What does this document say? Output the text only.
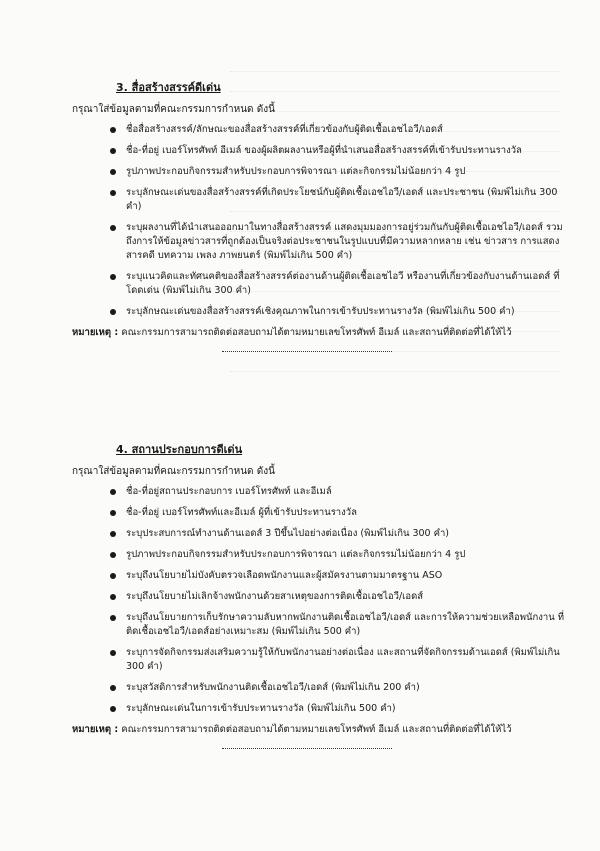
3. สื่อสร้างสรรค์ดีเด่น
กรุณาใส่ข้อมูลตามที่คณะกรรมการกำหนด ดังนี้
ชื่อสื่อสร้างสรรค์/ลักษณะของสื่อสร้างสรรค์ที่เกี่ยวข้องกับผู้ติดเชื้อเอชไอวี/เอดส์
ชื่อ-ที่อยู่ เบอร์โทรศัพท์ อีเมล์ ของผู้ผลิตผลงานหรือผู้ที่นำเสนอสื่อสร้างสรรค์ที่เข้ารับประทานรางวัล
รูปภาพประกอบกิจกรรมสำหรับประกอบการพิจารณา แต่ละกิจกรรมไม่น้อยกว่า 4 รูป
ระบุลักษณะเด่นของสื่อสร้างสรรค์ที่เกิดประโยชน์กับผู้ติดเชื้อเอชไอวี/เอดส์ และประชาชน (พิมพ์ไม่เกิน 300 คำ)
ระบุผลงานที่ได้นำเสนอออกมาในทางสื่อสร้างสรรค์ แสดงมุมมองการอยู่ร่วมกันกับผู้ติดเชื้อเอชไอวี/เอดส์ รวมถึงการให้ข้อมูลข่าวสารที่ถูกต้องเป็นจริงต่อประชาชนในรูปแบบที่มีความหลากหลาย เช่น ข่าวสาร การแสดง สารคดี บทความ เพลง ภาพยนตร์ (พิมพ์ไม่เกิน 500 คำ)
ระบุแนวคิดและทัศนคติของสื่อสร้างสรรค์ต่องานด้านผู้ติดเชื้อเอชไอวี หรืองานที่เกี่ยวข้องกับงานด้านเอดส์ ที่โดดเด่น (พิมพ์ไม่เกิน 300 คำ)
ระบุลักษณะเด่นของสื่อสร้างสรรค์เชิงคุณภาพในการเข้ารับประทานรางวัล (พิมพ์ไม่เกิน 500 คำ)
หมายเหตุ : คณะกรรมการสามารถติดต่อสอบถามได้ตามหมายเลขโทรศัพท์ อีเมล์ และสถานที่ติดต่อที่ได้ให้ไว้
4. สถานประกอบการดีเด่น
กรุณาใส่ข้อมูลตามที่คณะกรรมการกำหนด ดังนี้
ชื่อ-ที่อยู่สถานประกอบการ เบอร์โทรศัพท์ และอีเมล์
ชื่อ-ที่อยู่ เบอร์โทรศัพท์และอีเมล์ ผู้ที่เข้ารับประทานรางวัล
ระบุประสบการณ์ทำงานด้านเอดส์ 3 ปีขึ้นไปอย่างต่อเนื่อง (พิมพ์ไม่เกิน 300 คำ)
รูปภาพประกอบกิจกรรมสำหรับประกอบการพิจารณา แต่ละกิจกรรมไม่น้อยกว่า 4 รูป
ระบุถึงนโยบายไม่บังคับตรวจเลือดพนักงานและผู้สมัครงานตามมาตรฐาน ASO
ระบุถึงนโยบายไม่เลิกจ้างพนักงานด้วยสาเหตุของการติดเชื้อเอชไอวี/เอดส์
ระบุถึงนโยบายการเก็บรักษาความลับหากพนักงานติดเชื้อเอชไอวี/เอดส์ และการให้ความช่วยเหลือพนักงาน ที่ติดเชื้อเอชไอวี/เอดส์อย่างเหมาะสม (พิมพ์ไม่เกิน 500 คำ)
ระบุการจัดกิจกรรมส่งเสริมความรู้ให้กับพนักงานอย่างต่อเนื่อง และสถานที่จัดกิจกรรมด้านเอดส์ (พิมพ์ไม่เกิน 300 คำ)
ระบุสวัสดิการสำหรับพนักงานติดเชื้อเอชไอวี/เอดส์ (พิมพ์ไม่เกิน 200 คำ)
ระบุลักษณะเด่นในการเข้ารับประทานรางวัล (พิมพ์ไม่เกิน 500 คำ)
หมายเหตุ : คณะกรรมการสามารถติดต่อสอบถามได้ตามหมายเลขโทรศัพท์ อีเมล์ และสถานที่ติดต่อที่ได้ให้ไว้
